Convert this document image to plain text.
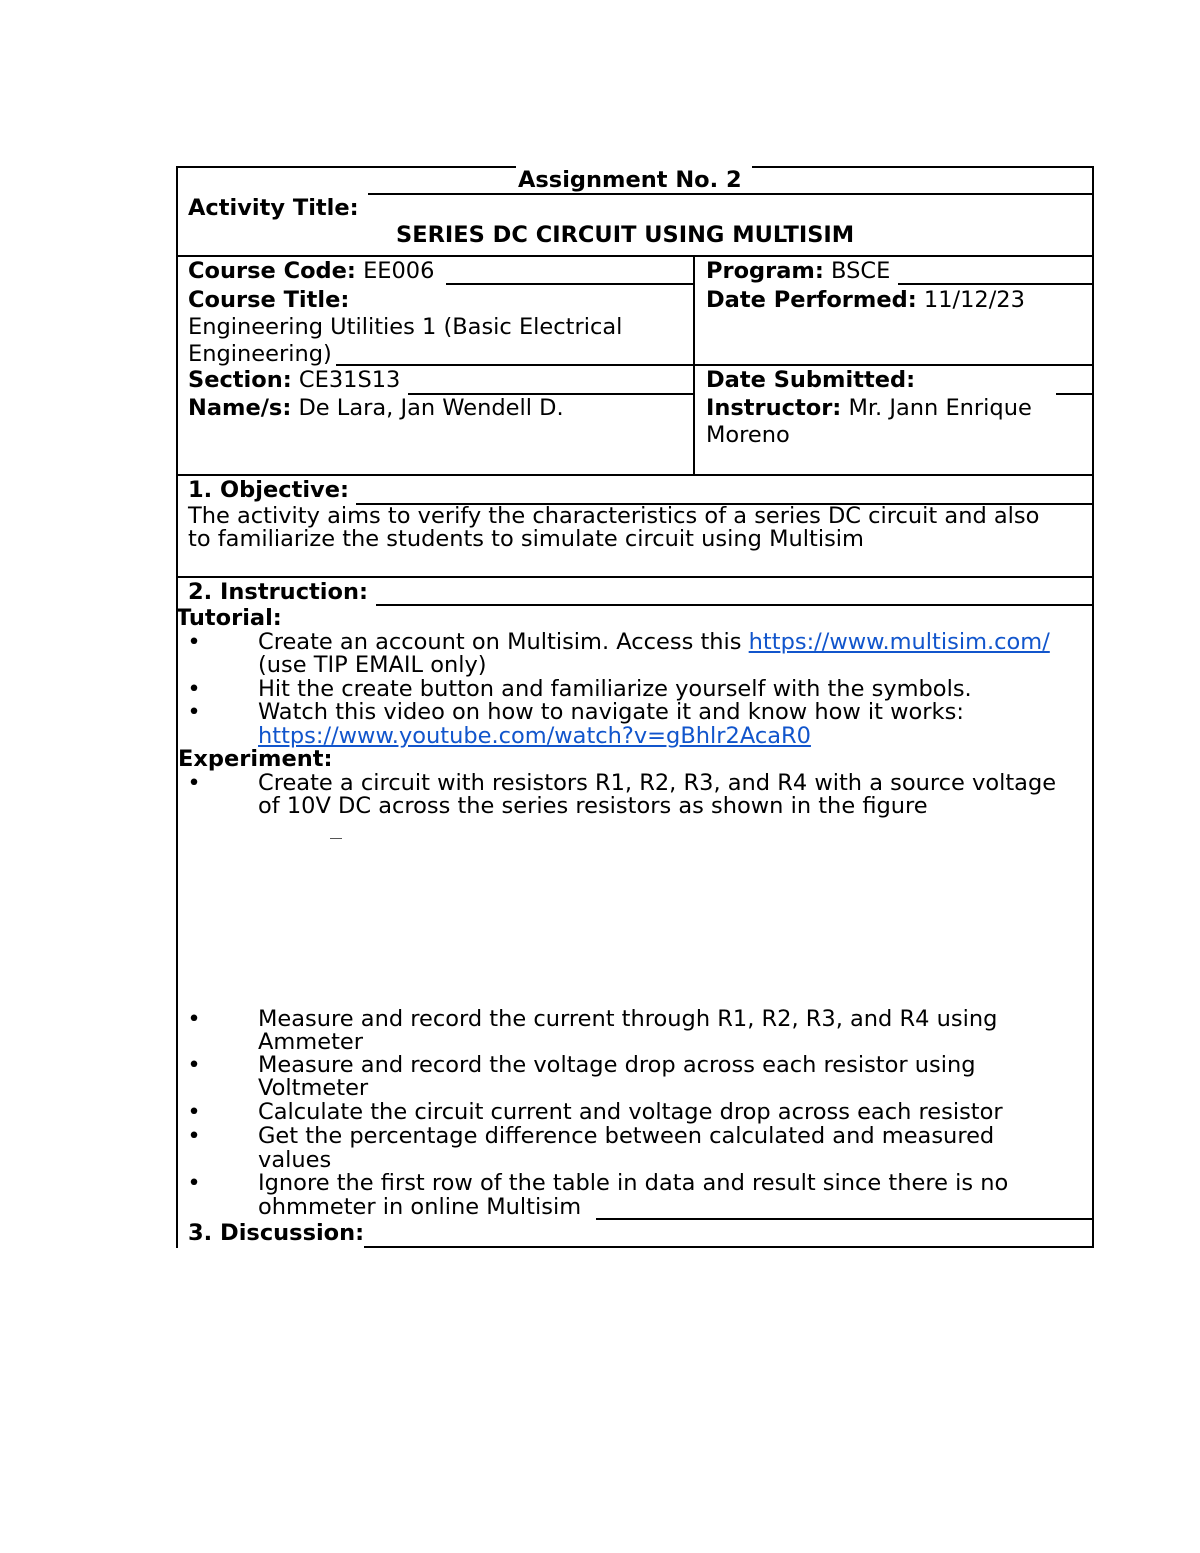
Assignment No. 2
Activity Title:
SERIES DC CIRCUIT USING MULTISIM
Course Code: EE006	Program: BSCE
Course Title:
Engineering Utilities 1 (Basic Electrical
Engineering)
Date Performed: 11/12/23
Section: CE31S13	Date Submitted:
Name/s: De Lara, Jan Wendell D.	Instructor: Mr. Jann Enrique
Moreno
1. Objective:
The activity aims to verify the characteristics of a series DC circuit and also
to familiarize the students to simulate circuit using Multisim
2. Instruction:
Tutorial:
•	Create an account on Multisim. Access this https://www.multisim.com/
(use TIP EMAIL only)
•	Hit the create button and familiarize yourself with the symbols.
•	Watch this video on how to navigate it and know how it works:
https://www.youtube.com/watch?v=gBhlr2AcaR0
Experiment:
•	Create a circuit with resistors R1, R2, R3, and R4 with a source voltage
of 10V DC across the series resistors as shown in the figure
•	Measure and record the current through R1, R2, R3, and R4 using
Ammeter
•	Measure and record the voltage drop across each resistor using
Voltmeter
•	Calculate the circuit current and voltage drop across each resistor
•	Get the percentage difference between calculated and measured
values
•	Ignore the first row of the table in data and result since there is no
ohmmeter in online Multisim
3. Discussion:
